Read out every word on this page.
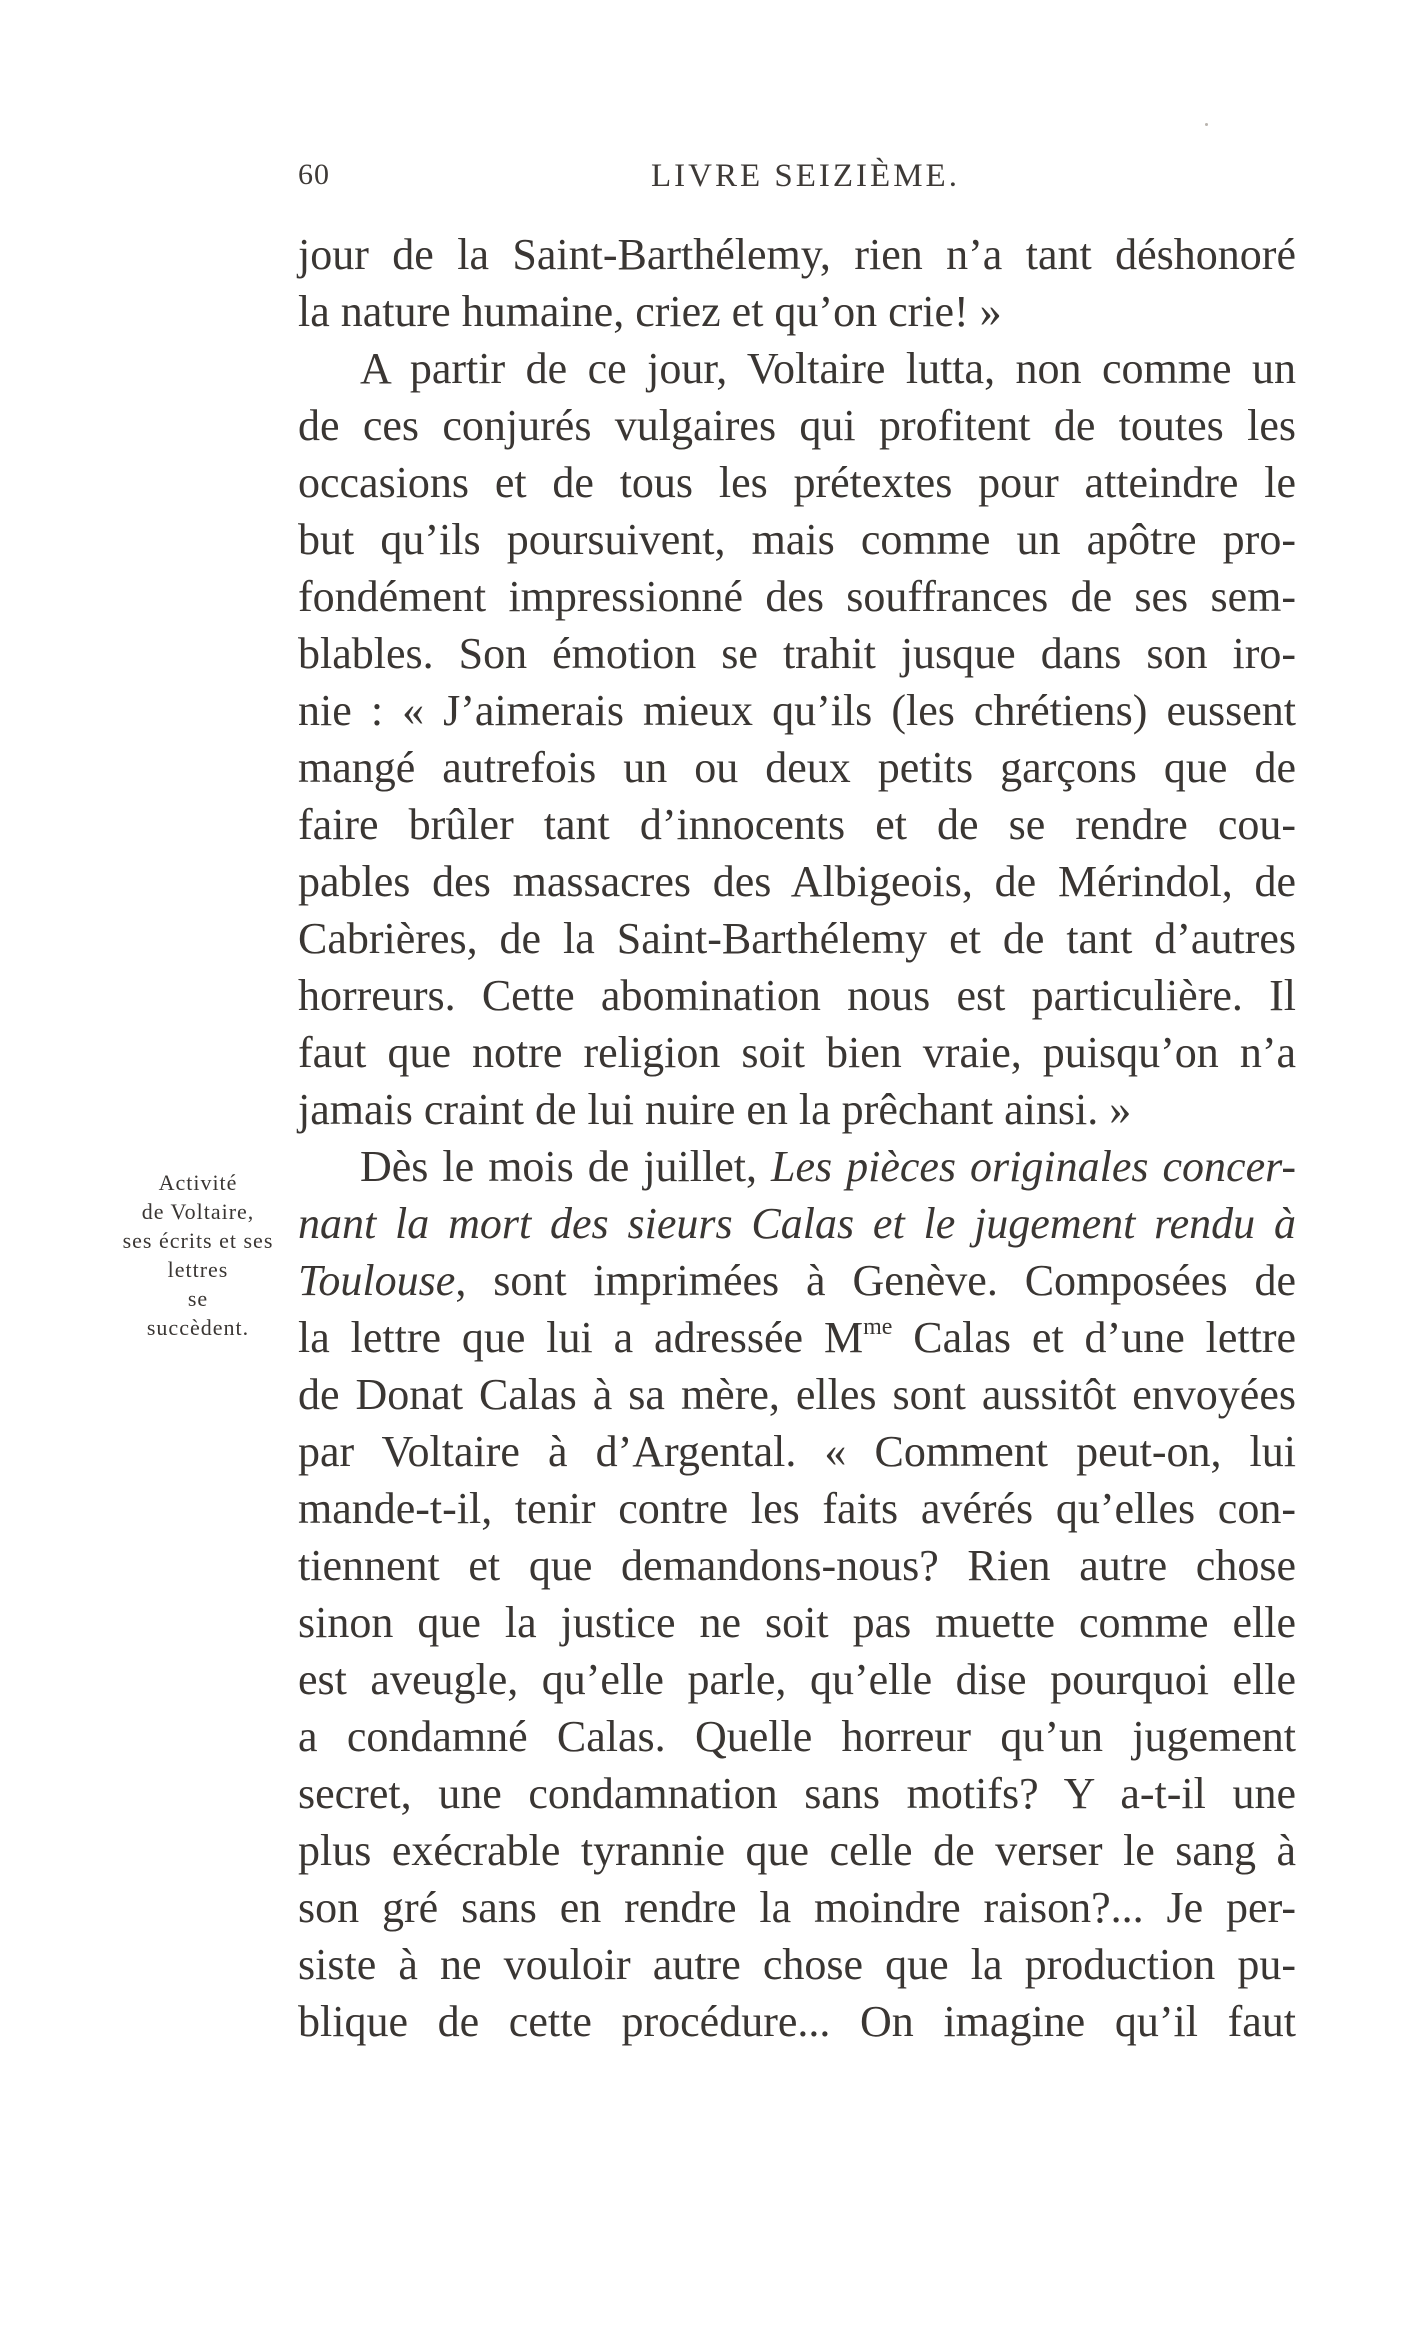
60	LIVRE SEIZIÈME.
Activité
de Voltaire,
ses écrits et ses
lettres
se
succèdent.
jour de la Saint-Barthélemy, rien n’a tant déshonoré
la nature humaine, criez et qu’on crie! »
A partir de ce jour, Voltaire lutta, non comme un
de ces conjurés vulgaires qui profitent de toutes les
occasions et de tous les prétextes pour atteindre le
but qu’ils poursuivent, mais comme un apôtre pro-
fondément impressionné des souffrances de ses sem-
blables. Son émotion se trahit jusque dans son iro-
nie : « J’aimerais mieux qu’ils (les chrétiens) eussent
mangé autrefois un ou deux petits garçons que de
faire brûler tant d’innocents et de se rendre cou-
pables des massacres des Albigeois, de Mérindol, de
Cabrières, de la Saint-Barthélemy et de tant d’autres
horreurs. Cette abomination nous est particulière. Il
faut que notre religion soit bien vraie, puisqu’on n’a
jamais craint de lui nuire en la prêchant ainsi. »
Dès le mois de juillet, Les pièces originales concer-
nant la mort des sieurs Calas et le jugement rendu à
Toulouse, sont imprimées à Genève. Composées de
la lettre que lui a adressée $M^{me}$ Calas et d’une lettre
de Donat Calas à sa mère, elles sont aussitôt envoyées
par Voltaire à d’Argental. « Comment peut-on, lui
mande-t-il, tenir contre les faits avérés qu’elles con-
tiennent et que demandons-nous? Rien autre chose
sinon que la justice ne soit pas muette comme elle
est aveugle, qu’elle parle, qu’elle dise pourquoi elle
a condamné Calas. Quelle horreur qu’un jugement
secret, une condamnation sans motifs? Y a-t-il une
plus exécrable tyrannie que celle de verser le sang à
son gré sans en rendre la moindre raison?... Je per-
siste à ne vouloir autre chose que la production pu-
blique de cette procédure... On imagine qu’il faut
